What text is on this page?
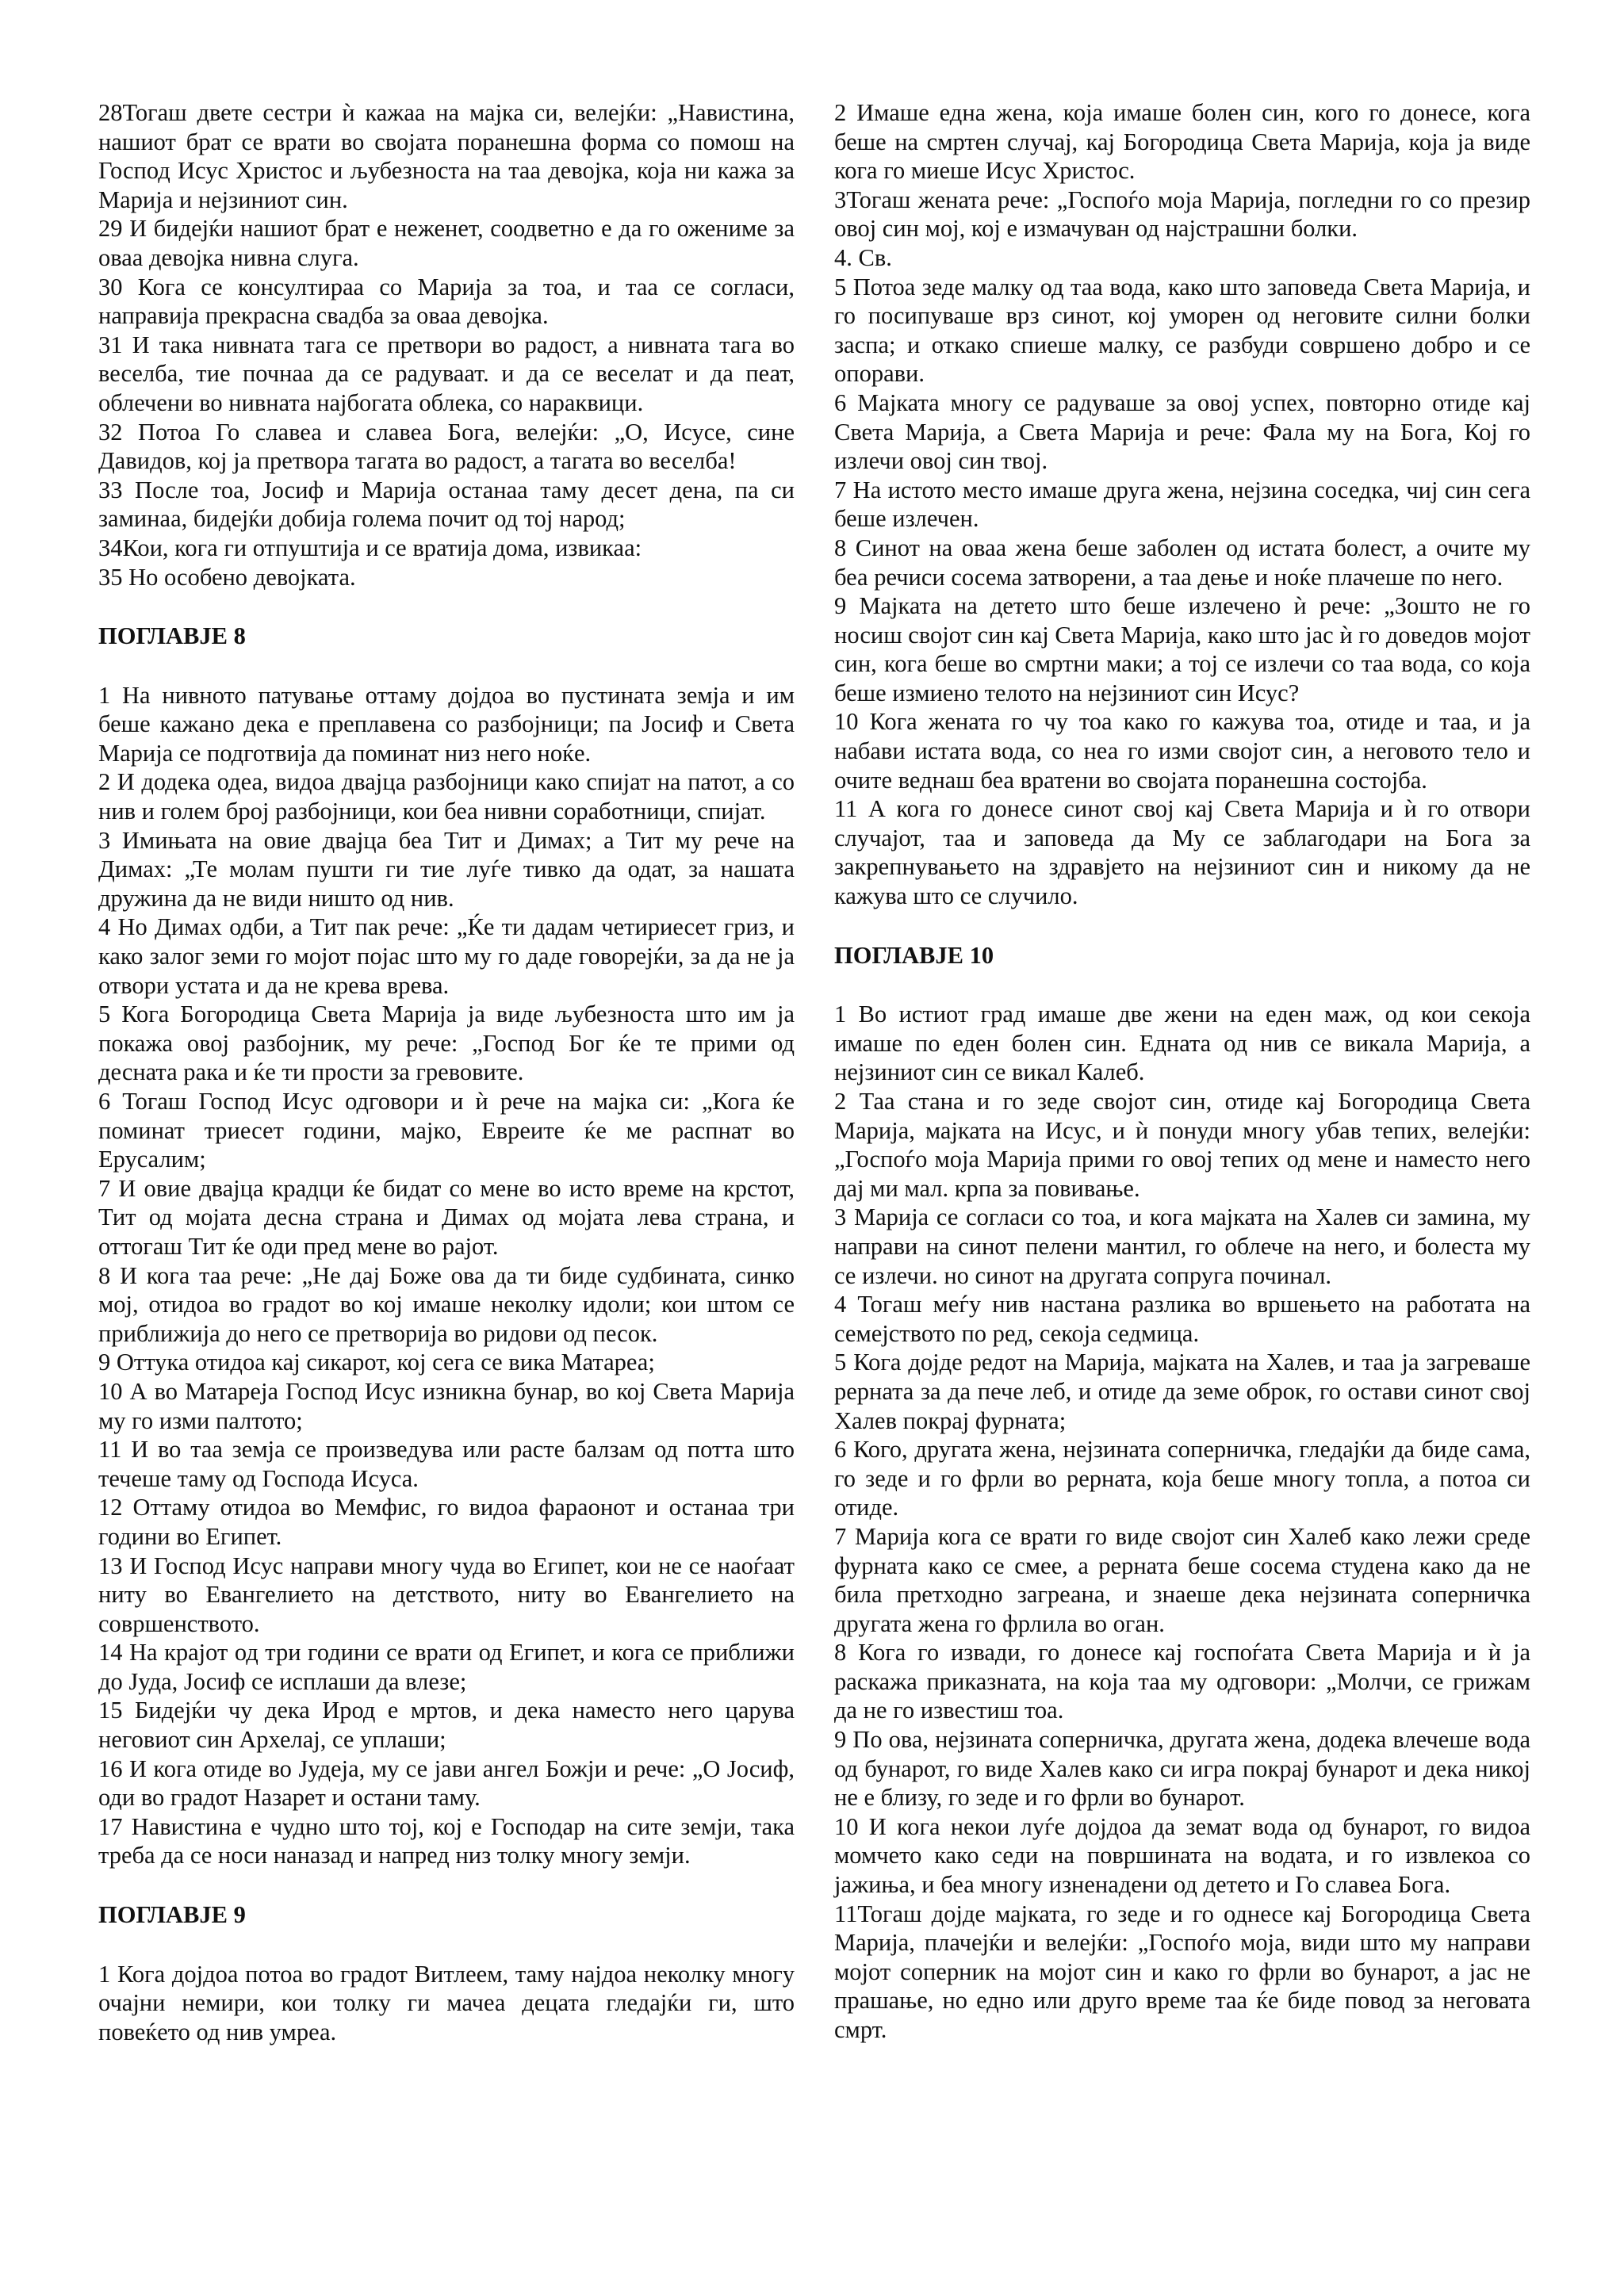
28Тогаш двете сестри ѝ кажаа на мајка си, велејќи: „Навистина, нашиот брат се врати во својата поранешна форма со помош на Господ Исус Христос и љубезноста на таа девојка, која ни кажа за Марија и нејзиниот син.

29 И бидејќи нашиот брат е неженет, соодветно е да го ожениме за оваа девојка нивна слуга.

30 Кога се консултираа со Марија за тоа, и таа се согласи, направија прекрасна свадба за оваа девојка.

31 И така нивната тага се претвори во радост, а нивната тага во веселба, тие почнаа да се радуваат. и да се веселат и да пеат, облечени во нивната најбогата облека, со нараквици.

32 Потоа Го славеа и славеа Бога, велејќи: „О, Исусе, сине Давидов, кој ја претвора тагата во радост, а тагата во веселба!

33 После тоа, Јосиф и Марија останаа таму десет дена, па си заминаа, бидејќи добија голема почит од тој народ;

34Кои, кога ги отпуштија и се вратија дома, извикаа:

35 Но особено девојката.

ПОГЛАВЈЕ 8

1 На нивното патување оттаму дојдоа во пустината земја и им беше кажано дека е преплавена со разбојници; па Јосиф и Света Марија се подготвија да поминат низ него ноќе.

2 И додека одеа, видоа двајца разбојници како спијат на патот, а со нив и голем број разбојници, кои беа нивни соработници, спијат.

3 Имињата на овие двајца беа Тит и Димах; а Тит му рече на Димах: „Те молам пушти ги тие луѓе тивко да одат, за нашата дружина да не види ништо од нив.

4 Но Димах одби, а Тит пак рече: „Ќе ти дадам четириесет гриз, и како залог земи го мојот појас што му го даде говорејќи, за да не ја отвори устата и да не крева врева.

5 Кога Богородица Света Марија ја виде љубезноста што им ја покажа овој разбојник, му рече: „Господ Бог ќе те прими од десната рака и ќе ти прости за гревовите.

6 Тогаш Господ Исус одговори и ѝ рече на мајка си: „Кога ќе поминат триесет години, мајко, Евреите ќе ме распнат во Ерусалим;

7 И овие двајца крадци ќе бидат со мене во исто време на крстот, Тит од мојата десна страна и Димах од мојата лева страна, и оттогаш Тит ќе оди пред мене во рајот.

8 И кога таа рече: „Не дај Боже ова да ти биде судбината, синко мој, отидоа во градот во кој имаше неколку идоли; кои штом се приближија до него се претворија во ридови од песок.

9 Оттука отидоа кај сикарот, кој сега се вика Матареа;

10 А во Матареја Господ Исус изникна бунар, во кој Света Марија му го изми палтото;

11 И во таа земја се произведува или расте балзам од потта што течеше таму од Господа Исуса.

12 Оттаму отидоа во Мемфис, го видоа фараонот и останаа три години во Египет.

13 И Господ Исус направи многу чуда во Египет, кои не се наоѓаат ниту во Евангелието на детството, ниту во Евангелието на совршенството.

14 На крајот од три години се врати од Египет, и кога се приближи до Јуда, Јосиф се исплаши да влезе;

15 Бидејќи чу дека Ирод е мртов, и дека наместо него царува неговиот син Архелај, се уплаши;

16 И кога отиде во Јудеја, му се јави ангел Божји и рече: „О Јосиф, оди во градот Назарет и остани таму.

17 Навистина е чудно што тој, кој е Господар на сите земји, така треба да се носи наназад и напред низ толку многу земји.

ПОГЛАВЈЕ 9

1 Кога дојдоа потоа во градот Витлеем, таму најдоа неколку многу очајни немири, кои толку ги мачеа децата гледајќи ги, што повеќето од нив умреа.

2 Имаше една жена, која имаше болен син, кого го донесе, кога беше на смртен случај, кај Богородица Света Марија, која ја виде кога го миеше Исус Христос.

3Тогаш жената рече: „Госпоѓо моја Марија, погледни го со презир овој син мој, кој е измачуван од најстрашни болки.

4. Св.

5 Потоа зеде малку од таа вода, како што заповеда Света Марија, и го посипуваше врз синот, кој уморен од неговите силни болки заспа; и откако спиеше малку, се разбуди совршено добро и се опорави.

6 Мајката многу се радуваше за овој успех, повторно отиде кај Света Марија, а Света Марија и рече: Фала му на Бога, Кој го излечи овој син твој.

7 На истото место имаше друга жена, нејзина соседка, чиј син сега беше излечен.

8 Синот на оваа жена беше заболен од истата болест, а очите му беа речиси сосема затворени, а таа дење и ноќе плачеше по него.

9 Мајката на детето што беше излечено ѝ рече: „Зошто не го носиш својот син кај Света Марија, како што јас ѝ го доведов мојот син, кога беше во смртни маки; а тој се излечи со таа вода, со која беше измиено телото на нејзиниот син Исус?

10 Кога жената го чу тоа како го кажува тоа, отиде и таа, и ја набави истата вода, со неа го изми својот син, а неговото тело и очите веднаш беа вратени во својата поранешна состојба.

11 А кога го донесе синот свој кај Света Марија и ѝ го отвори случајот, таа и заповеда да Му се заблагодари на Бога за закрепнувањето на здравјето на нејзиниот син и никому да не кажува што се случило.

ПОГЛАВЈЕ 10

1 Во истиот град имаше две жени на еден маж, од кои секоја имаше по еден болен син. Едната од нив се викала Марија, а нејзиниот син се викал Калеб.

2 Таа стана и го зеде својот син, отиде кај Богородица Света Марија, мајката на Исус, и ѝ понуди многу убав тепих, велејќи: „Госпоѓо моја Марија прими го овој тепих од мене и наместо него дај ми мал. крпа за повивање.

3 Марија се согласи со тоа, и кога мајката на Халев си замина, му направи на синот пелени мантил, го облече на него, и болеста му се излечи. но синот на другата сопруга починал.

4 Тогаш меѓу нив настана разлика во вршењето на работата на семејството по ред, секоја седмица.

5 Кога дојде редот на Марија, мајката на Халев, и таа ја загреваше рерната за да пече леб, и отиде да земе оброк, го остави синот свој Халев покрај фурната;

6 Кого, другата жена, нејзината соперничка, гледајќи да биде сама, го зеде и го фрли во рерната, која беше многу топла, а потоа си отиде.

7 Марија кога се врати го виде својот син Халеб како лежи среде фурната како се смее, а рерната беше сосема студена како да не била претходно загреана, и знаеше дека нејзината соперничка другата жена го фрлила во оган.

8 Кога го извади, го донесе кај госпоѓата Света Марија и ѝ ја раскажа приказната, на која таа му одговори: „Молчи, се грижам да не го известиш тоа.

9 По ова, нејзината соперничка, другата жена, додека влечеше вода од бунарот, го виде Халев како си игра покрај бунарот и дека никој не е близу, го зеде и го фрли во бунарот.

10 И кога некои луѓе дојдоа да земат вода од бунарот, го видоа момчето како седи на површината на водата, и го извлекоа со јажиња, и беа многу изненадени од детето и Го славеа Бога.

11Тогаш дојде мајката, го зеде и го однесе кај Богородица Света Марија, плачејќи и велејќи: „Госпоѓо моја, види што му направи мојот соперник на мојот син и како го фрли во бунарот, а јас не прашање, но едно или друго време таа ќе биде повод за неговата смрт.
